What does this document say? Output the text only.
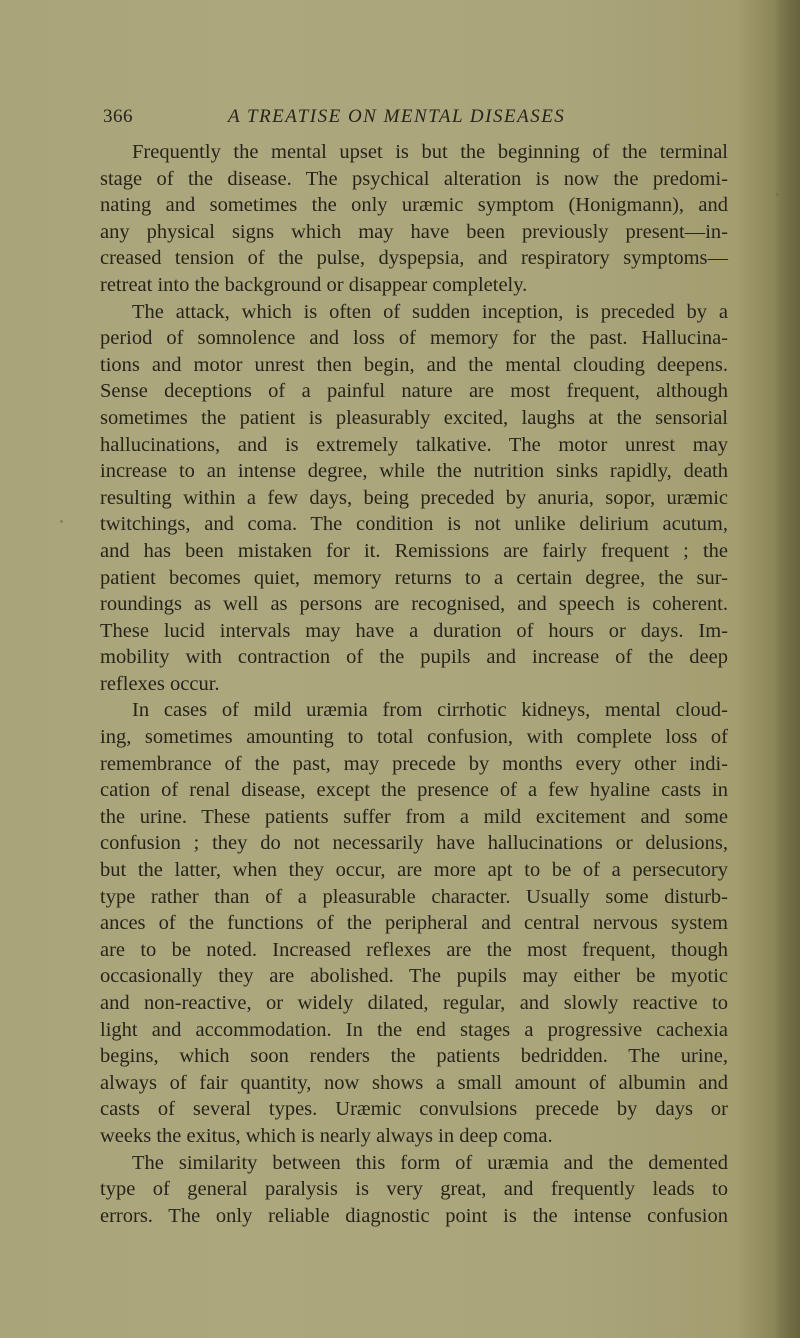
366	A TREATISE ON MENTAL DISEASES
Frequently the mental upset is but the beginning of the terminal
stage of the disease. The psychical alteration is now the predomi-
nating and sometimes the only uræmic symptom (Honigmann), and
any physical signs which may have been previously present—in-
creased tension of the pulse, dyspepsia, and respiratory symptoms—
retreat into the background or disappear completely.
The attack, which is often of sudden inception, is preceded by a
period of somnolence and loss of memory for the past. Hallucina-
tions and motor unrest then begin, and the mental clouding deepens.
Sense deceptions of a painful nature are most frequent, although
sometimes the patient is pleasurably excited, laughs at the sensorial
hallucinations, and is extremely talkative. The motor unrest may
increase to an intense degree, while the nutrition sinks rapidly, death
resulting within a few days, being preceded by anuria, sopor, uræmic
twitchings, and coma. The condition is not unlike delirium acutum,
and has been mistaken for it. Remissions are fairly frequent ; the
patient becomes quiet, memory returns to a certain degree, the sur-
roundings as well as persons are recognised, and speech is coherent.
These lucid intervals may have a duration of hours or days. Im-
mobility with contraction of the pupils and increase of the deep
reflexes occur.
In cases of mild uræmia from cirrhotic kidneys, mental cloud-
ing, sometimes amounting to total confusion, with complete loss of
remembrance of the past, may precede by months every other indi-
cation of renal disease, except the presence of a few hyaline casts in
the urine. These patients suffer from a mild excitement and some
confusion ; they do not necessarily have hallucinations or delusions,
but the latter, when they occur, are more apt to be of a persecutory
type rather than of a pleasurable character. Usually some disturb-
ances of the functions of the peripheral and central nervous system
are to be noted. Increased reflexes are the most frequent, though
occasionally they are abolished. The pupils may either be myotic
and non-reactive, or widely dilated, regular, and slowly reactive to
light and accommodation. In the end stages a progressive cachexia
begins, which soon renders the patients bedridden. The urine,
always of fair quantity, now shows a small amount of albumin and
casts of several types. Uræmic convulsions precede by days or
weeks the exitus, which is nearly always in deep coma.
The similarity between this form of uræmia and the demented
type of general paralysis is very great, and frequently leads to
errors. The only reliable diagnostic point is the intense confusion
